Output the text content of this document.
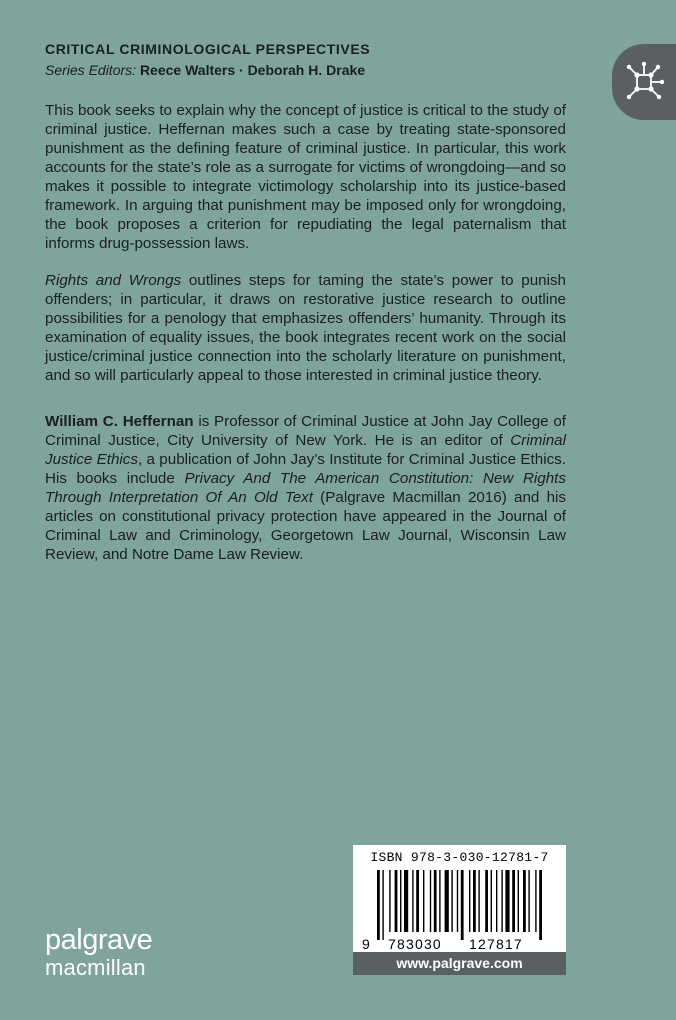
CRITICAL CRIMINOLOGICAL PERSPECTIVES
Series Editors: Reece Walters · Deborah H. Drake

This book seeks to explain why the concept of justice is critical to the study of criminal justice. Heffernan makes such a case by treating state-sponsored punishment as the defining feature of criminal justice. In particular, this work accounts for the state’s role as a surrogate for victims of wrongdoing—and so makes it possible to integrate victimology scholarship into its justice-based framework. In arguing that punishment may be imposed only for wrongdoing, the book proposes a criterion for repudiating the legal paternalism that informs drug-possession laws.

Rights and Wrongs outlines steps for taming the state’s power to punish offenders; in particular, it draws on restorative justice research to outline possibilities for a penology that emphasizes offenders’ humanity. Through its examination of equality issues, the book integrates recent work on the social justice/criminal justice connection into the scholarly literature on punishment, and so will particularly appeal to those interested in criminal justice theory.

William C. Heffernan is Professor of Criminal Justice at John Jay College of Criminal Justice, City University of New York. He is an editor of Criminal Justice Ethics, a publication of John Jay’s Institute for Criminal Justice Ethics. His books include Privacy And The American Constitution: New Rights Through Interpretation Of An Old Text (Palgrave Macmillan 2016) and his articles on constitutional privacy protection have appeared in the Journal of Criminal Law and Criminology, Georgetown Law Journal, Wisconsin Law Review, and Notre Dame Law Review.

ISBN 978-3-030-12781-7
9 783030 127817
www.palgrave.com
palgrave
macmillan
